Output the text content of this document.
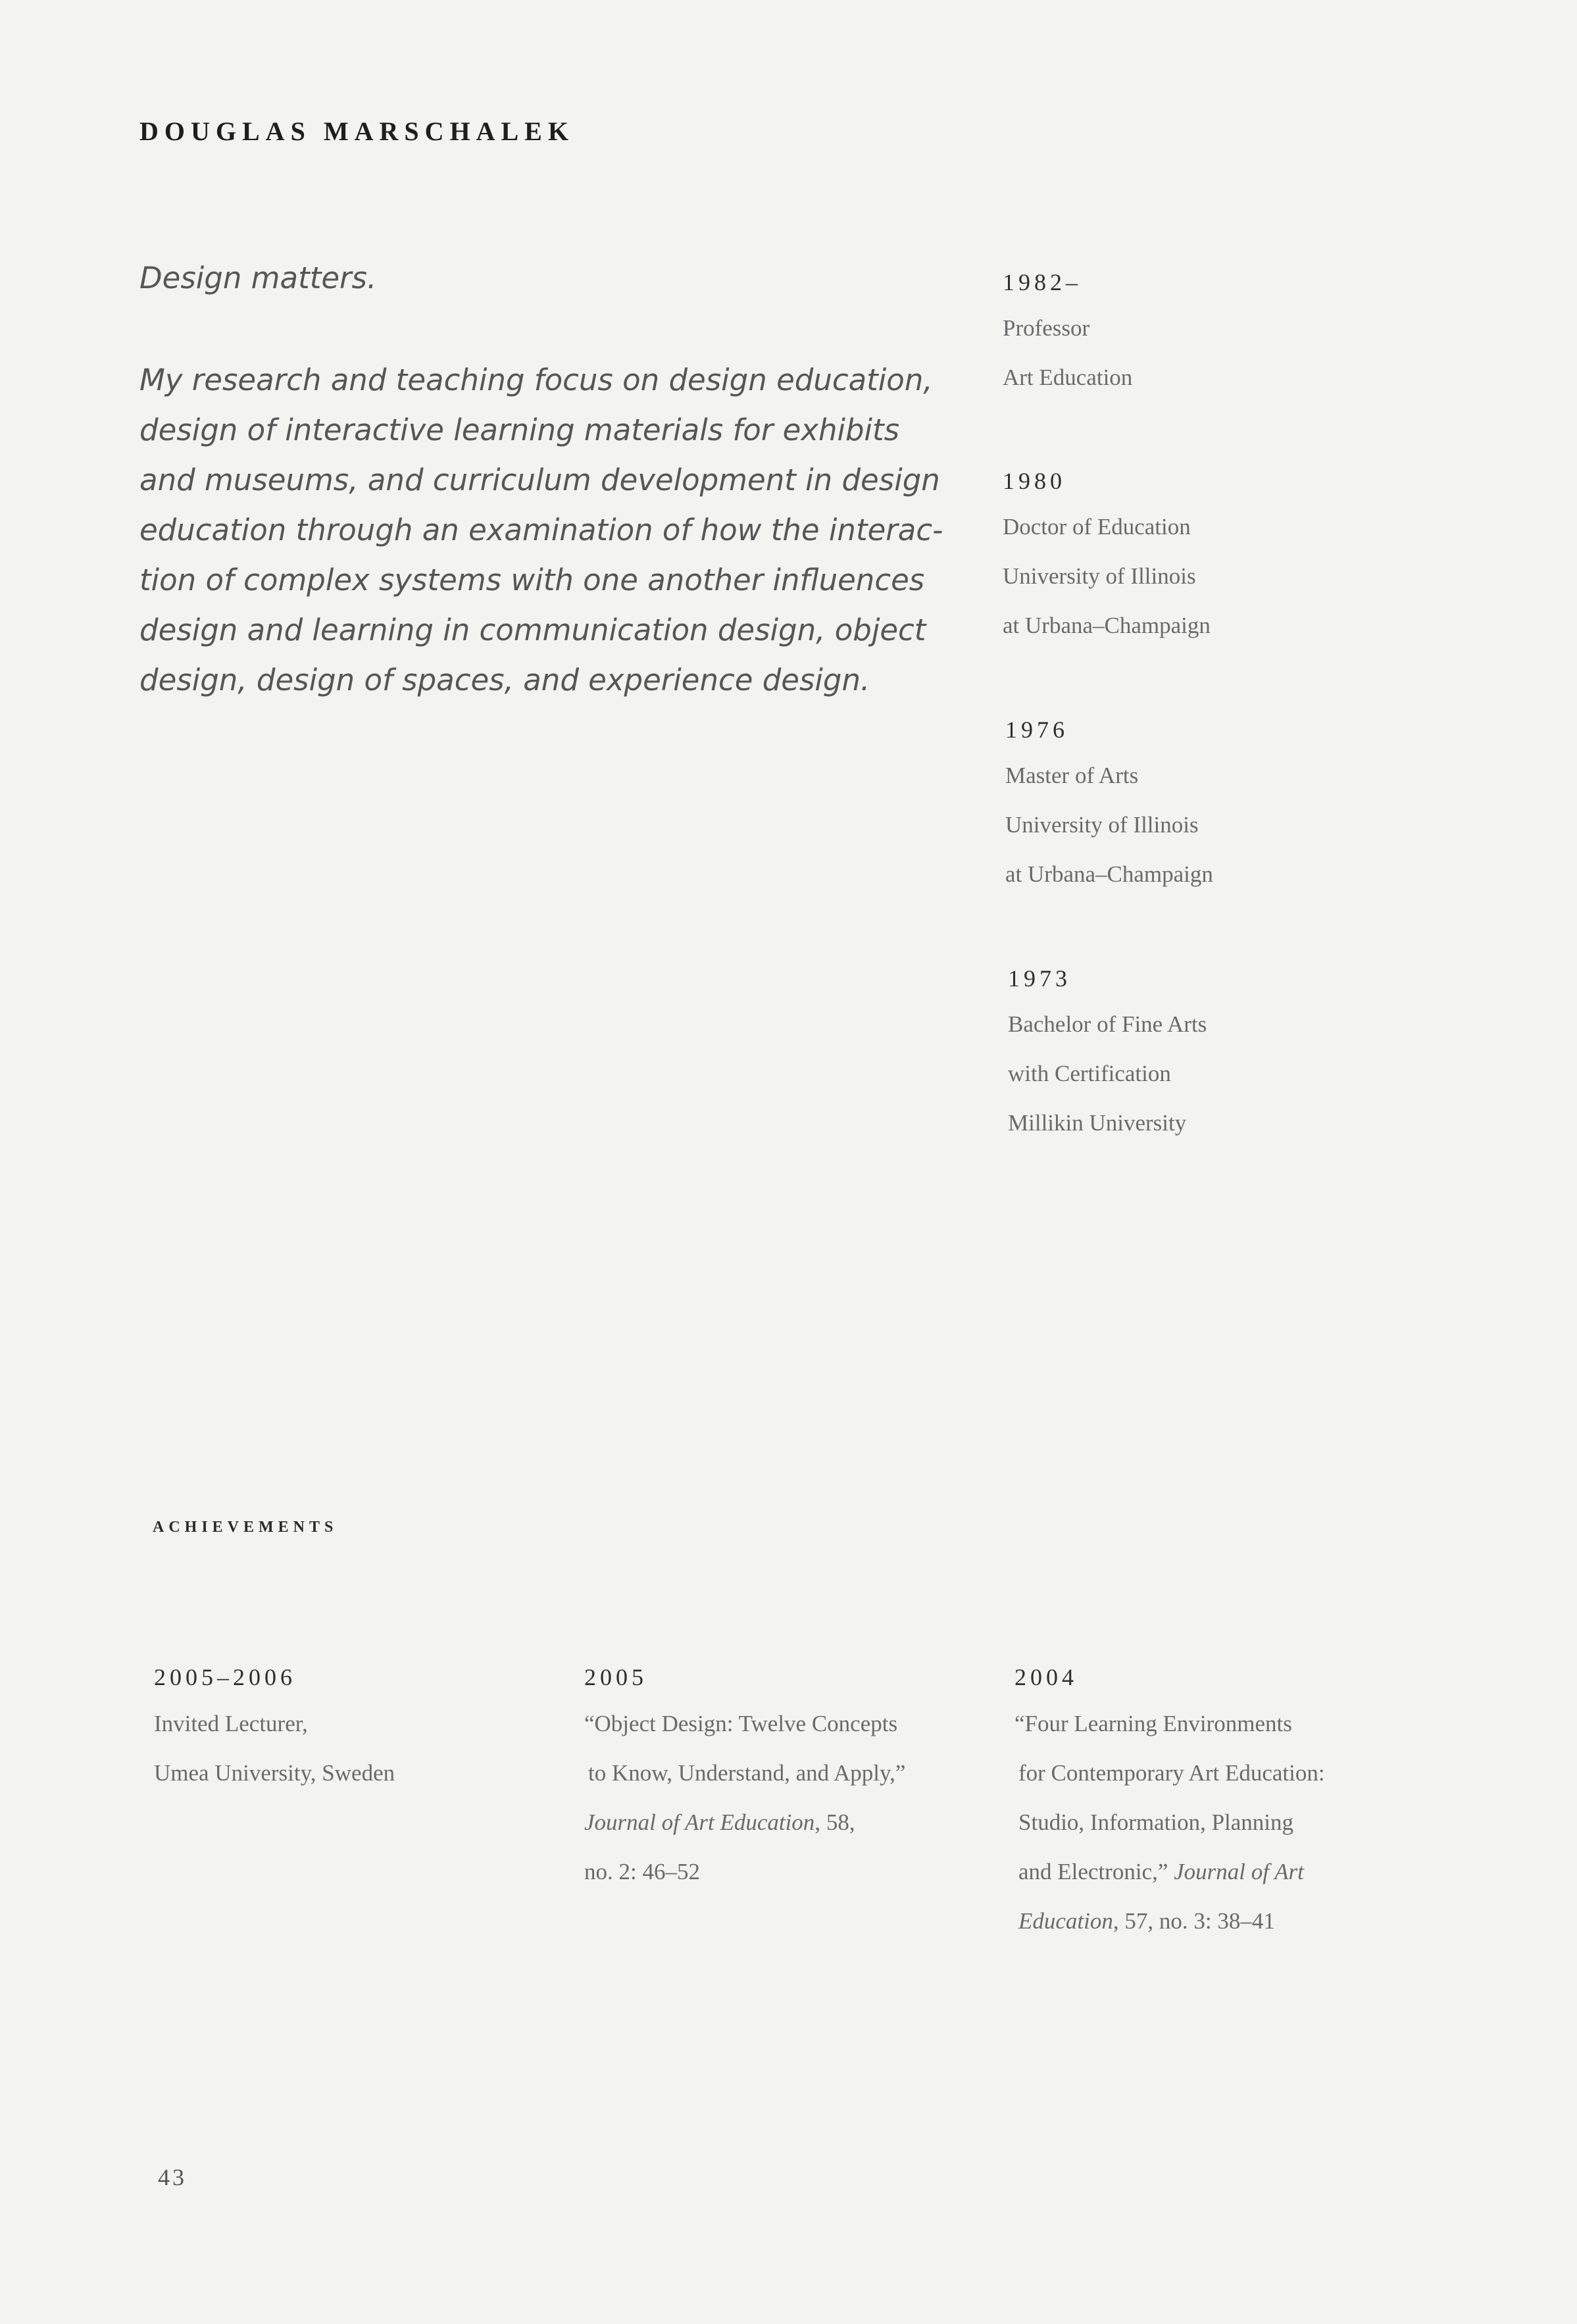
DOUGLAS MARSCHALEK
Design matters.
My research and teaching focus on design education,
design of interactive learning materials for exhibits
and museums, and curriculum development in design
education through an examination of how the interac-
tion of complex systems with one another influences
design and learning in communication design, object
design, design of spaces, and experience design.
1982–
Professor
Art Education
1980
Doctor of Education
University of Illinois
at Urbana–Champaign
1976
Master of Arts
University of Illinois
at Urbana–Champaign
1973
Bachelor of Fine Arts
with Certification
Millikin University
ACHIEVEMENTS
2005–2006
Invited Lecturer,
Umea University, Sweden
2005
“Object Design: Twelve Concepts
to Know, Understand, and Apply,”
Journal of Art Education, 58,
no. 2: 46–52
2004
“Four Learning Environments
for Contemporary Art Education:
Studio, Information, Planning
and Electronic,” Journal of Art
Education, 57, no. 3: 38–41
43
